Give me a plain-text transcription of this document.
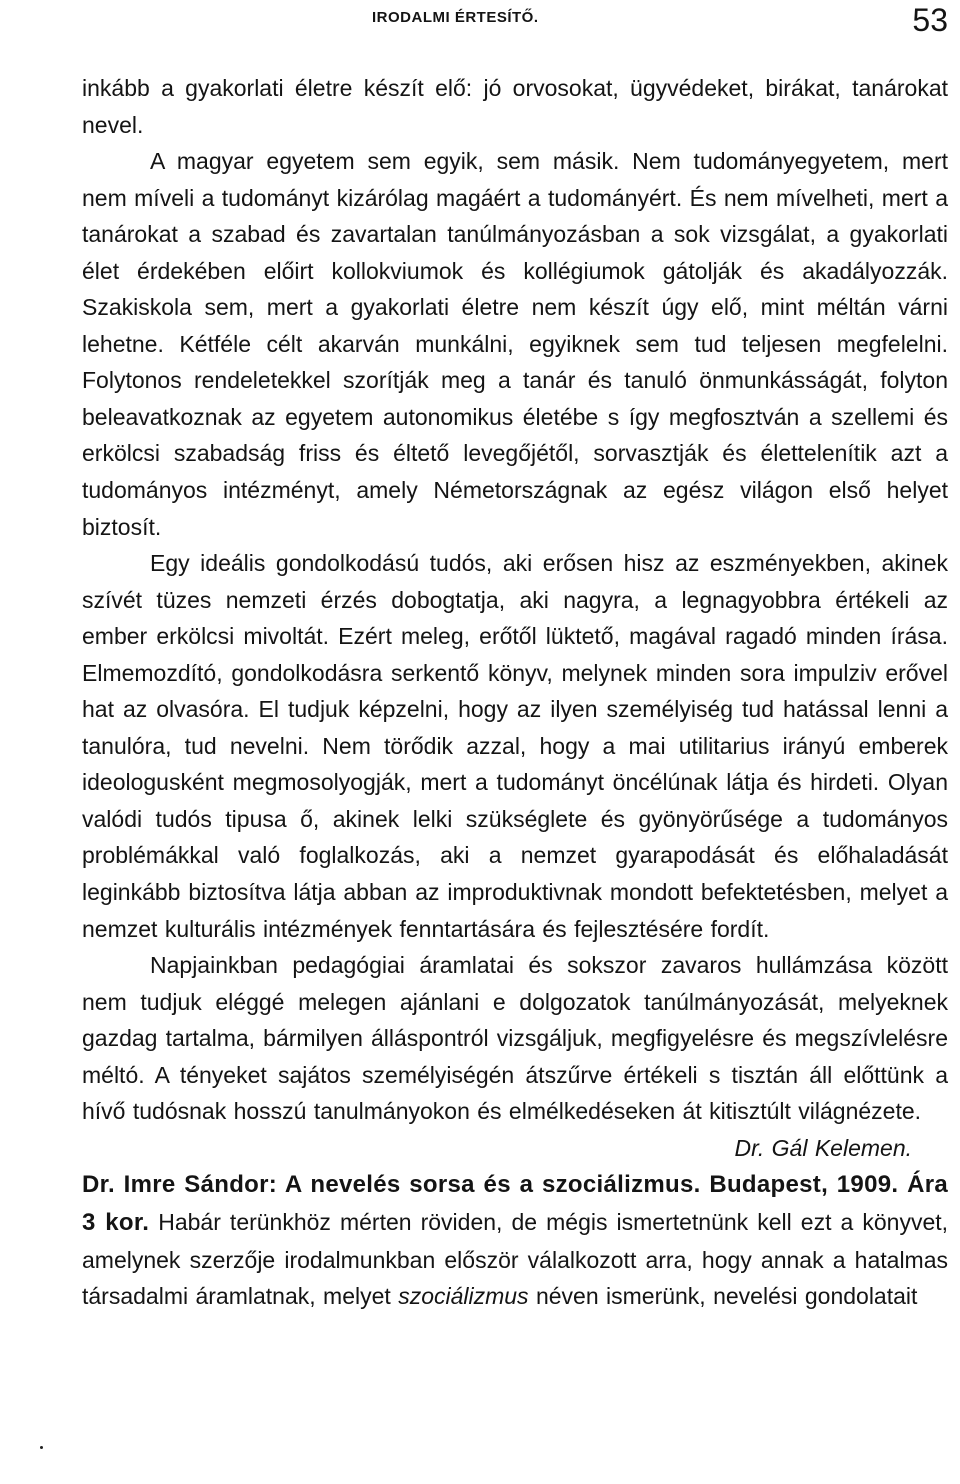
IRODALMI ÉRTESÍTŐ.	53

inkább a gyakorlati életre készít elő: jó orvosokat, ügyvédeket, birákat, tanárokat nevel.

A magyar egyetem sem egyik, sem másik. Nem tudományegyetem, mert nem míveli a tudományt kizárólag magáért a tudományért. És nem mívelheti, mert a tanárokat a szabad és zavartalan tanúlmányozásban a sok vizsgálat, a gyakorlati élet érdekében előirt kollokviumok és kollégiumok gátolják és akadályozzák. Szakiskola sem, mert a gyakorlati életre nem készít úgy elő, mint méltán várni lehetne. Kétféle célt akarván munkálni, egyiknek sem tud teljesen megfelelni. Folytonos rendeletekkel szorítják meg a tanár és tanuló önmunkásságát, folyton beleavatkoznak az egyetem autonomikus életébe s így megfosztván a szellemi és erkölcsi szabadság friss és éltető levegőjétől, sorvasztják és élettelenítik azt a tudományos intézményt, amely Németországnak az egész világon első helyet biztosít.

Egy ideális gondolkodású tudós, aki erősen hisz az eszményekben, akinek szívét tüzes nemzeti érzés dobogtatja, aki nagyra, a legnagyobbra értékeli az ember erkölcsi mivoltát. Ezért meleg, erőtől lüktető, magával ragadó minden írása. Elmemozdító, gondolkodásra serkentő könyv, melynek minden sora impulziv erővel hat az olvasóra. El tudjuk képzelni, hogy az ilyen személyiség tud hatással lenni a tanulóra, tud nevelni. Nem törődik azzal, hogy a mai utilitarius irányú emberek ideologusként megmosolyogják, mert a tudományt öncélúnak látja és hirdeti. Olyan valódi tudós tipusa ő, akinek lelki szükséglete és gyönyörűsége a tudományos problémákkal való foglalkozás, aki a nemzet gyarapodását és előhaladását leginkább biztosítva látja abban az improduktivnak mondott befektetésben, melyet a nemzet kulturális intézmények fenntartására és fejlesztésére fordít.

Napjainkban pedagógiai áramlatai és sokszor zavaros hullámzása között nem tudjuk eléggé melegen ajánlani e dolgozatok tanúlmányozását, melyeknek gazdag tartalma, bármilyen álláspontról vizsgáljuk, megfigyelésre és megszívlelésre méltó. A tényeket sajátos személyiségén átszűrve értékeli s tisztán áll előttünk a hívő tudósnak hosszú tanulmányokon és elmélkedéseken át kitisztúlt világnézete.

Dr. Gál Kelemen.

Dr. Imre Sándor: A nevelés sorsa és a szociálizmus. Budapest, 1909. Ára 3 kor. Habár terünkhöz mérten röviden, de mégis ismertetnünk kell ezt a könyvet, amelynek szerzője irodalmunkban először válalkozott arra, hogy annak a hatalmas társadalmi áramlatnak, melyet szociálizmus néven ismerünk, nevelési gondolatait
